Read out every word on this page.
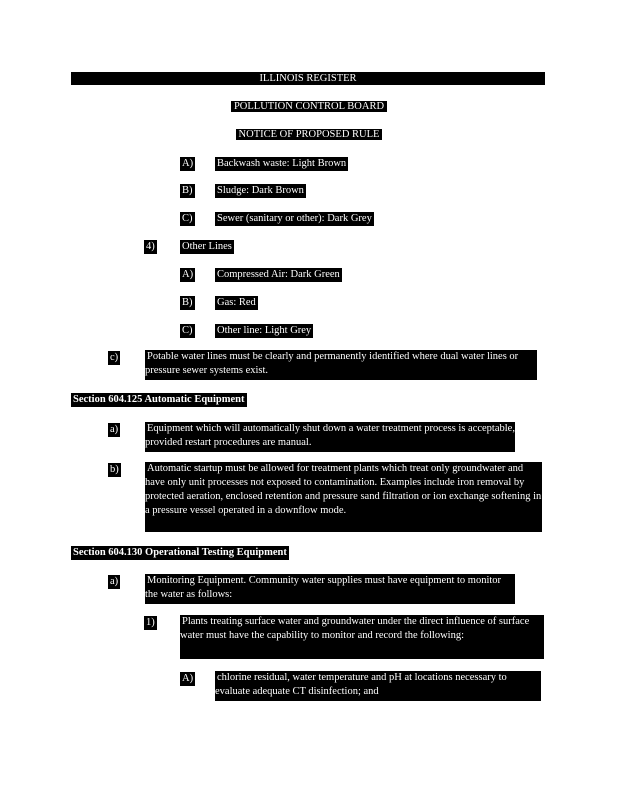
ILLINOIS REGISTER
POLLUTION CONTROL BOARD
NOTICE OF PROPOSED RULE
A) Backwash waste: Light Brown
B) Sludge: Dark Brown
C) Sewer (sanitary or other): Dark Grey
4)	Other Lines
A) Compressed Air: Dark Green
B) Gas: Red
C) Other line: Light Grey
c)	Potable water lines must be clearly and permanently identified where dual water lines or pressure sewer systems exist.
Section 604.125 Automatic Equipment
a)	Equipment which will automatically shut down a water treatment process is acceptable, provided restart procedures are manual.
b)	Automatic startup must be allowed for treatment plants which treat only groundwater and have only unit processes not exposed to contamination. Examples include iron removal by protected aeration, enclosed retention and pressure sand filtration or ion exchange softening in a pressure vessel operated in a downflow mode.
Section 604.130 Operational Testing Equipment
a)	Monitoring Equipment. Community water supplies must have equipment to monitor the water as follows:
1)	Plants treating surface water and groundwater under the direct influence of surface water must have the capability to monitor and record the following:
A) chlorine residual, water temperature and pH at locations necessary to evaluate adequate CT disinfection; and
